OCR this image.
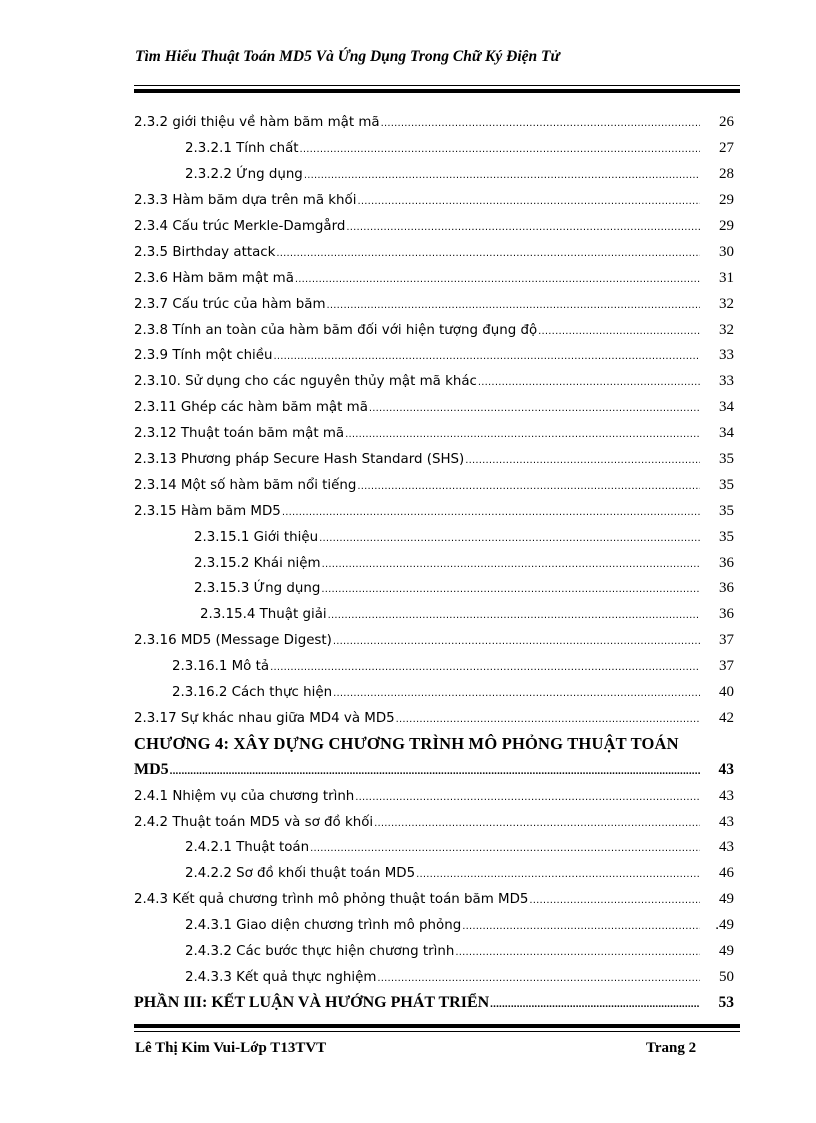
Tìm Hiểu Thuật Toán MD5 Và Ứng Dụng Trong Chữ Ký Điện Tử
2.3.2 giới thiệu về hàm băm mật mã .....	26
2.3.2.1 Tính chất .....	27
2.3.2.2 Ứng dụng .....	28
2.3.3 Hàm băm dựa trên mã khối .....	29
2.3.4 Cấu trúc Merkle-Damgård .....	29
2.3.5 Birthday attack .....	30
2.3.6 Hàm băm mật mã .....	31
2.3.7 Cấu trúc của hàm băm .....	32
2.3.8 Tính an toàn của hàm băm đối với hiện tượng đụng độ .....	32
2.3.9 Tính một chiều .....	33
2.3.10. Sử dụng cho các nguyên thủy mật mã khác .....	33
2.3.11 Ghép các hàm băm mật mã .....	34
2.3.12 Thuật toán băm mật mã .....	34
2.3.13 Phương pháp Secure Hash Standard (SHS) .....	35
2.3.14 Một số hàm băm nổi tiếng .....	35
2.3.15 Hàm băm MD5 .....	35
2.3.15.1 Giới thiệu .....	35
2.3.15.2 Khái niệm .....	36
2.3.15.3 Ứng dụng .....	36
2.3.15.4 Thuật giải .....	36
2.3.16 MD5 (Message Digest) .....	37
2.3.16.1 Mô tả .....	37
2.3.16.2 Cách thực hiện .....	40
2.3.17 Sự khác nhau giữa MD4 và MD5 .....	42
CHƯƠNG 4: XÂY DỰNG CHƯƠNG TRÌNH MÔ PHỎNG THUẬT TOÁN
MD5 .....	43
2.4.1 Nhiệm vụ của chương trình .....	43
2.4.2 Thuật toán MD5 và sơ đồ khối .....	43
2.4.2.1 Thuật toán .....	43
2.4.2.2 Sơ đồ khối thuật toán MD5 .....	46
2.4.3 Kết quả chương trình mô phỏng thuật toán băm MD5 .....	49
2.4.3.1 Giao diện chương trình mô phỏng .....	.49
2.4.3.2 Các bước thực hiện chương trình .....	49
2.4.3.3 Kết quả thực nghiệm .....	50
PHẦN III: KẾT LUẬN VÀ HƯỚNG PHÁT TRIỂN .....	53
Lê Thị Kim Vui-Lớp T13TVT	Trang 2
